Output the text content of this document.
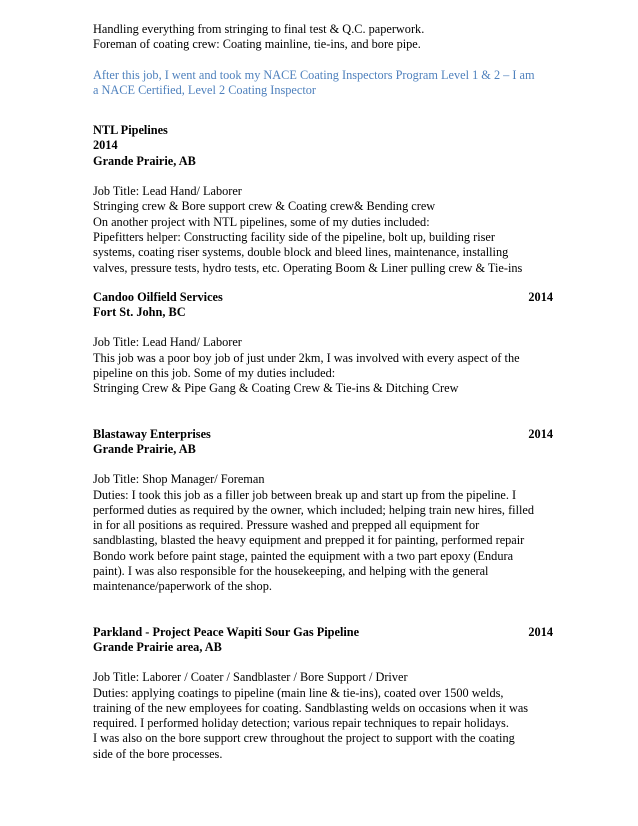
Handling everything from stringing to final test & Q.C. paperwork.
Foreman of coating crew: Coating mainline, tie-ins, and bore pipe.
After this job, I went and took my NACE Coating Inspectors Program Level 1 & 2 – I am
a NACE Certified, Level 2 Coating Inspector
NTL Pipelines
2014
Grande Prairie, AB
Job Title: Lead Hand/ Laborer
Stringing crew & Bore support crew & Coating crew& Bending crew
On another project with NTL pipelines, some of my duties included:
Pipefitters helper: Constructing facility side of the pipeline, bolt up, building riser
systems, coating riser systems, double block and bleed lines, maintenance, installing
valves, pressure tests, hydro tests, etc. Operating Boom & Liner pulling crew & Tie-ins
Candoo Oilfield Services	2014
Fort St. John, BC
Job Title: Lead Hand/ Laborer
This job was a poor boy job of just under 2km, I was involved with every aspect of the
pipeline on this job. Some of my duties included:
Stringing Crew & Pipe Gang & Coating Crew & Tie-ins & Ditching Crew
Blastaway Enterprises	2014
Grande Prairie, AB
Job Title: Shop Manager/ Foreman
Duties: I took this job as a filler job between break up and start up from the pipeline. I
performed duties as required by the owner, which included; helping train new hires, filled
in for all positions as required. Pressure washed and prepped all equipment for
sandblasting, blasted the heavy equipment and prepped it for painting, performed repair
Bondo work before paint stage, painted the equipment with a two part epoxy (Endura
paint). I was also responsible for the housekeeping, and helping with the general
maintenance/paperwork of the shop.
Parkland - Project Peace Wapiti Sour Gas Pipeline	2014
Grande Prairie area, AB
Job Title: Laborer / Coater / Sandblaster / Bore Support / Driver
Duties: applying coatings to pipeline (main line & tie-ins), coated over 1500 welds,
training of the new employees for coating. Sandblasting welds on occasions when it was
required. I performed holiday detection; various repair techniques to repair holidays.
I was also on the bore support crew throughout the project to support with the coating
side of the bore processes.
